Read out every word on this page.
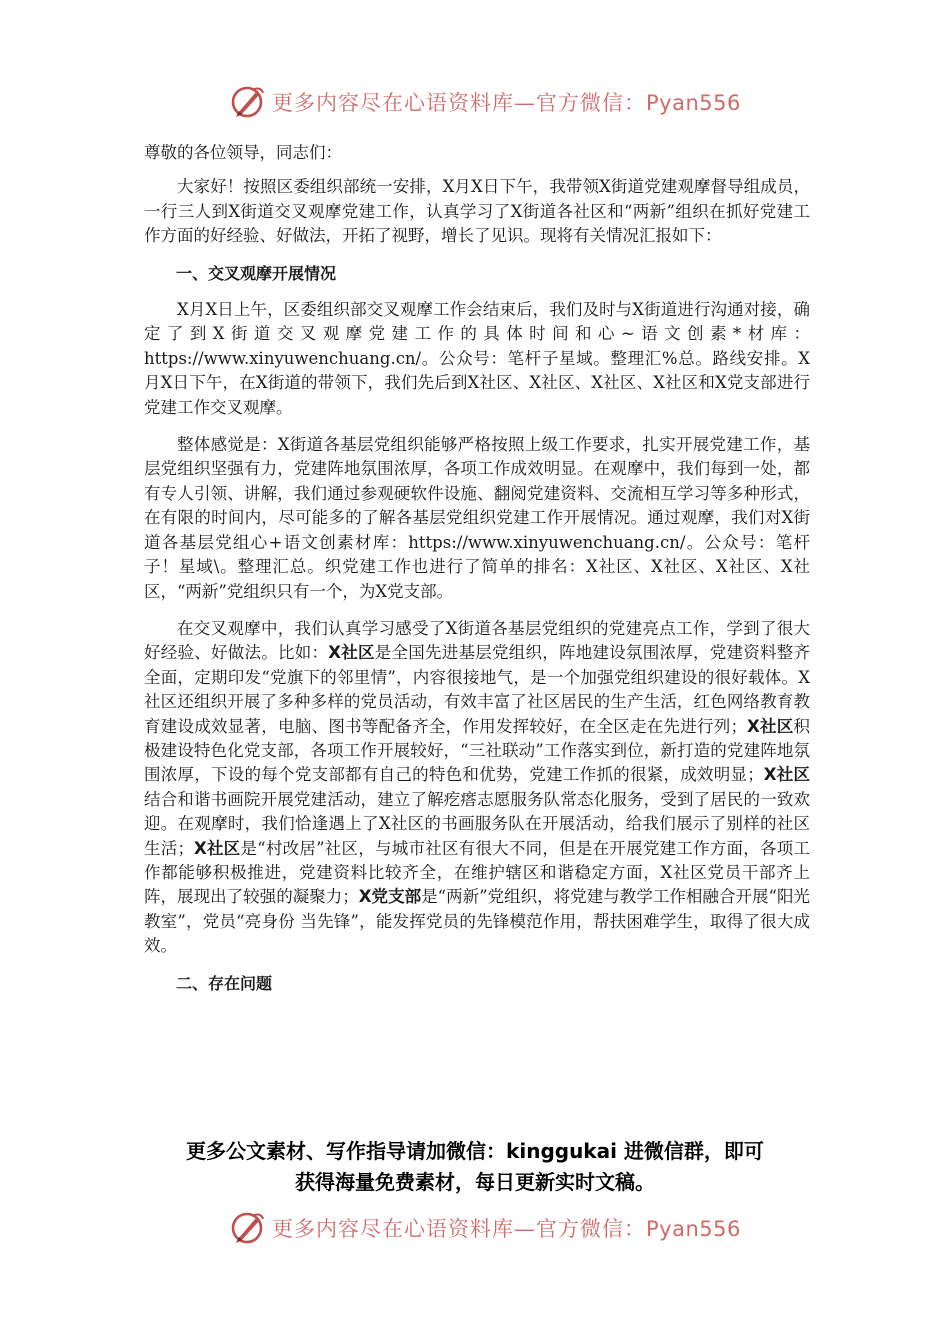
更多内容尽在心语资料库—官方微信：Pyan556

尊敬的各位领导，同志们：

大家好！按照区委组织部统一安排，X月X日下午，我带领X街道党建观摩督导组成员，一行三人到X街道交叉观摩党建工作，认真学习了X街道各社区和“两新”组织在抓好党建工作方面的好经验、好做法，开拓了视野，增长了见识。现将有关情况汇报如下：

一、交叉观摩开展情况

X月X日上午，区委组织部交叉观摩工作会结束后，我们及时与X街道进行沟通对接，确定了到X街道交叉观摩党建工作的具体时间和心~语文创素*材库：https://www.xinyuwenchuang.cn/。公众号：笔杆子星域。整理汇%总。路线安排。X月X日下午，在X街道的带领下，我们先后到X社区、X社区、X社区、X社区和X党支部进行党建工作交叉观摩。

整体感觉是：X街道各基层党组织能够严格按照上级工作要求，扎实开展党建工作，基层党组织坚强有力，党建阵地氛围浓厚，各项工作成效明显。在观摩中，我们每到一处，都有专人引领、讲解，我们通过参观硬软件设施、翻阅党建资料、交流相互学习等多种形式，在有限的时间内，尽可能多的了解各基层党组织党建工作开展情况。通过观摩，我们对X街道各基层党组心+语文创素材库：https://www.xinyuwenchuang.cn/。公众号：笔杆子！星域\。整理汇总。织党建工作也进行了简单的排名：X社区、X社区、X社区、X社区，“两新”党组织只有一个，为X党支部。

在交叉观摩中，我们认真学习感受了X街道各基层党组织的党建亮点工作，学到了很大好经验、好做法。比如：X社区是全国先进基层党组织，阵地建设氛围浓厚，党建资料整齐全面，定期印发“党旗下的邻里情”，内容很接地气，是一个加强党组织建设的很好载体。X社区还组织开展了多种多样的党员活动，有效丰富了社区居民的生产生活，红色网络教育教育建设成效显著，电脑、图书等配备齐全，作用发挥较好，在全区走在先进行列；X社区积极建设特色化党支部，各项工作开展较好，“三社联动”工作落实到位，新打造的党建阵地氛围浓厚，下设的每个党支部都有自己的特色和优势，党建工作抓的很紧，成效明显；X社区结合和谐书画院开展党建活动，建立了解疙瘩志愿服务队常态化服务，受到了居民的一致欢迎。在观摩时，我们恰逢遇上了X社区的书画服务队在开展活动，给我们展示了别样的社区生活；X社区是“村改居”社区，与城市社区有很大不同，但是在开展党建工作方面，各项工作都能够积极推进，党建资料比较齐全，在维护辖区和谐稳定方面，X社区党员干部齐上阵，展现出了较强的凝聚力；X党支部是“两新”党组织，将党建与教学工作相融合开展“阳光教室”，党员“亮身份 当先锋”，能发挥党员的先锋模范作用，帮扶困难学生，取得了很大成效。

二、存在问题

更多公文素材、写作指导请加微信：kinggukai 进微信群，即可
获得海量免费素材，每日更新实时文稿。
更多内容尽在心语资料库—官方微信：Pyan556
